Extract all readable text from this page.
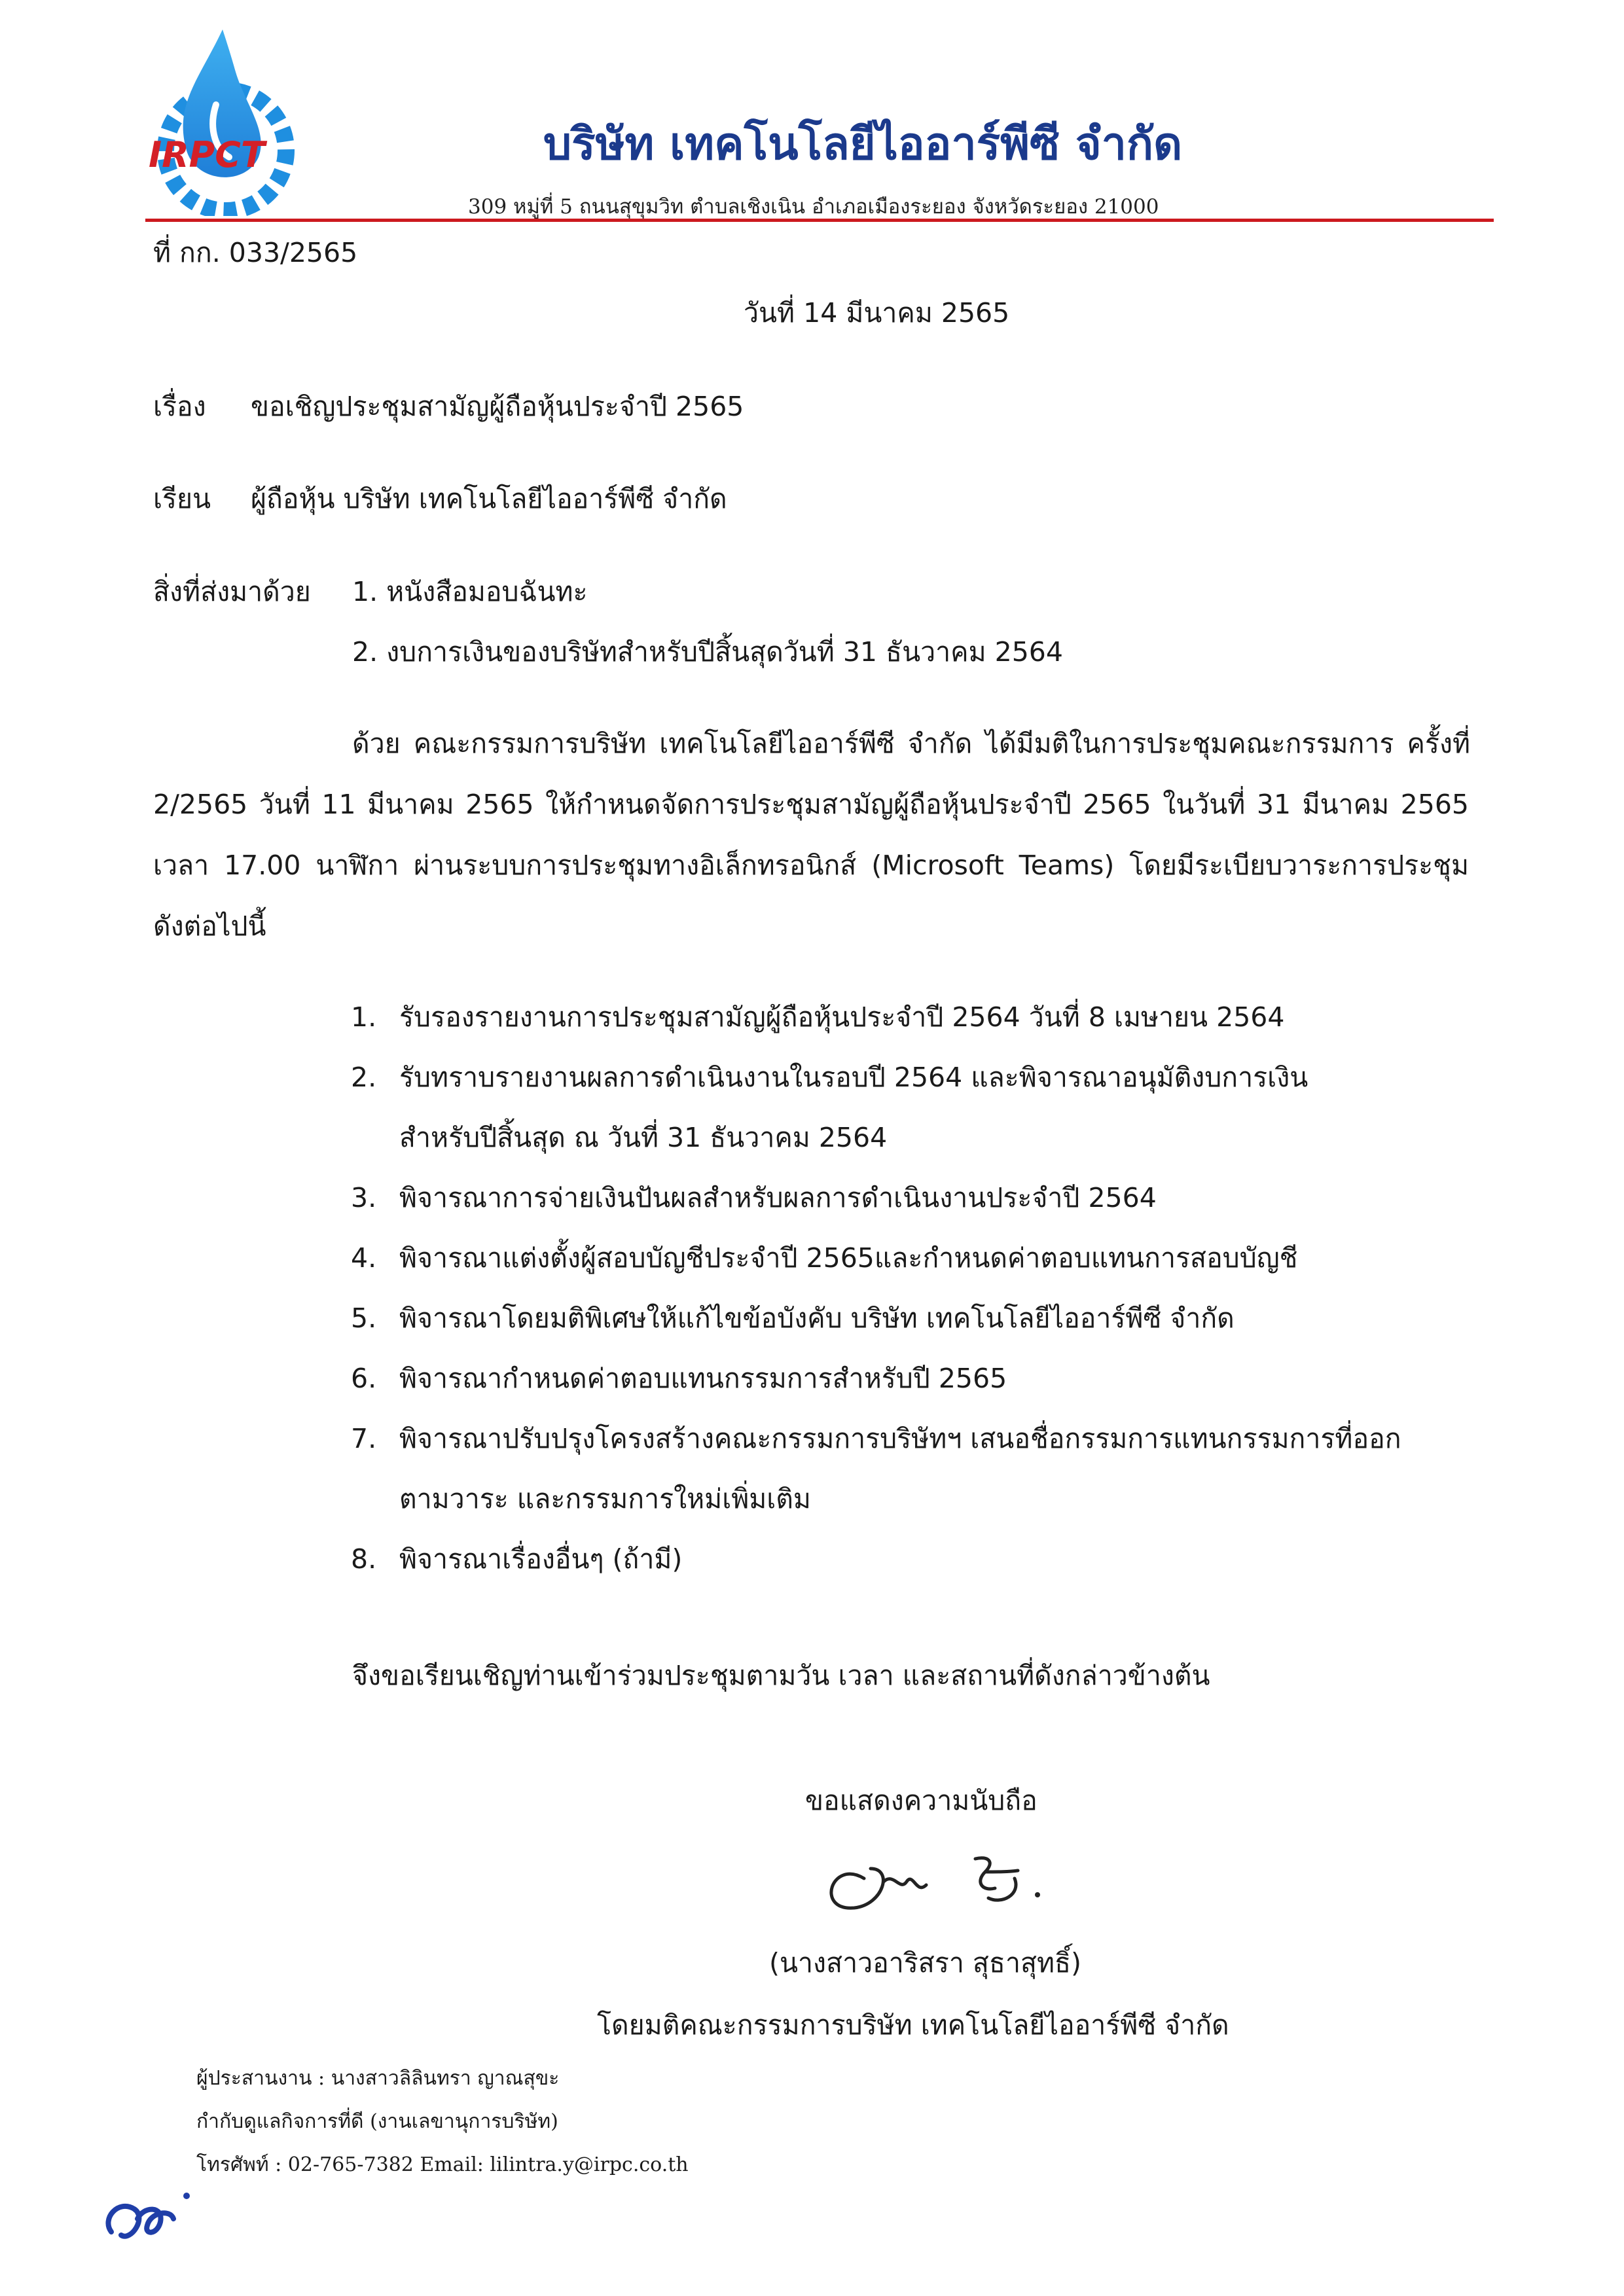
IRPCT	บริษัท เทคโนโลยีไออาร์พีซี จำกัด
309 หมู่ที่ 5 ถนนสุขุมวิท ตำบลเชิงเนิน อำเภอเมืองระยอง จังหวัดระยอง 21000
ที่ กก. 033/2565
วันที่ 14 มีนาคม 2565
เรื่อง ขอเชิญประชุมสามัญผู้ถือหุ้นประจำปี 2565
เรียน ผู้ถือหุ้น บริษัท เทคโนโลยีไออาร์พีซี จำกัด
สิ่งที่ส่งมาด้วย 1. หนังสือมอบฉันทะ
2. งบการเงินของบริษัทสำหรับปีสิ้นสุดวันที่ 31 ธันวาคม 2564
ด้วย คณะกรรมการบริษัท เทคโนโลยีไออาร์พีซี จำกัด ได้มีมติในการประชุมคณะกรรมการ ครั้งที่
2/2565 วันที่ 11 มีนาคม 2565 ให้กำหนดจัดการประชุมสามัญผู้ถือหุ้นประจำปี 2565 ในวันที่ 31 มีนาคม 2565
เวลา 17.00 นาฬิกา ผ่านระบบการประชุมทางอิเล็กทรอนิกส์ (Microsoft Teams) โดยมีระเบียบวาระการประชุม
ดังต่อไปนี้
1. รับรองรายงานการประชุมสามัญผู้ถือหุ้นประจำปี 2564 วันที่ 8 เมษายน 2564
2. รับทราบรายงานผลการดำเนินงานในรอบปี 2564 และพิจารณาอนุมัติงบการเงิน
สำหรับปีสิ้นสุด ณ วันที่ 31 ธันวาคม 2564
3. พิจารณาการจ่ายเงินปันผลสำหรับผลการดำเนินงานประจำปี 2564
4. พิจารณาแต่งตั้งผู้สอบบัญชีประจำปี 2565และกำหนดค่าตอบแทนการสอบบัญชี
5. พิจารณาโดยมติพิเศษให้แก้ไขข้อบังคับ บริษัท เทคโนโลยีไออาร์พีซี จำกัด
6. พิจารณากำหนดค่าตอบแทนกรรมการสำหรับปี 2565
7. พิจารณาปรับปรุงโครงสร้างคณะกรรมการบริษัทฯ เสนอชื่อกรรมการแทนกรรมการที่ออก
ตามวาระ และกรรมการใหม่เพิ่มเติม
8. พิจารณาเรื่องอื่นๆ (ถ้ามี)
จึงขอเรียนเชิญท่านเข้าร่วมประชุมตามวัน เวลา และสถานที่ดังกล่าวข้างต้น
ขอแสดงความนับถือ
(นางสาวอาริสรา สุธาสุทธิ์)
โดยมติคณะกรรมการบริษัท เทคโนโลยีไออาร์พีซี จำกัด
ผู้ประสานงาน : นางสาวลิลินทรา ญาณสุขะ
กำกับดูแลกิจการที่ดี (งานเลขานุการบริษัท)
โทรศัพท์ : 02-765-7382 Email: lilintra.y@irpc.co.th
